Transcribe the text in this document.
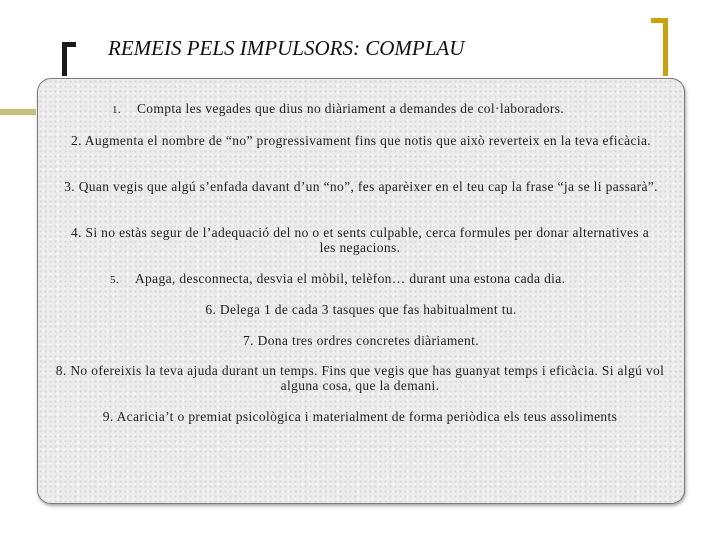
REMEIS PELS IMPULSORS: COMPLAU
1. Compta les vegades que dius no diàriament a demandes de col·laboradors.
2. Augmenta el nombre de “no” progressivament fins que notis que això reverteix en la teva eficàcia.
3. Quan vegis que algú s’enfada davant d’un “no”, fes aparèixer en el teu cap la frase “ja se li passarà”.
4. Si no estàs segur de l’adequació del no o et sents culpable, cerca formules per donar alternatives a les negacions.
5. Apaga, desconnecta, desvia el mòbil, telèfon… durant una estona cada dia.
6. Delega 1 de cada 3 tasques que fas habitualment tu.
7. Dona tres ordres concretes diàriament.
8. No ofereixis la teva ajuda durant un temps. Fins que vegis que has guanyat temps i eficàcia. Si algú vol alguna cosa, que la demani.
9. Acaricia’t o premiat psicològica i materialment de forma periòdica els teus assoliments
